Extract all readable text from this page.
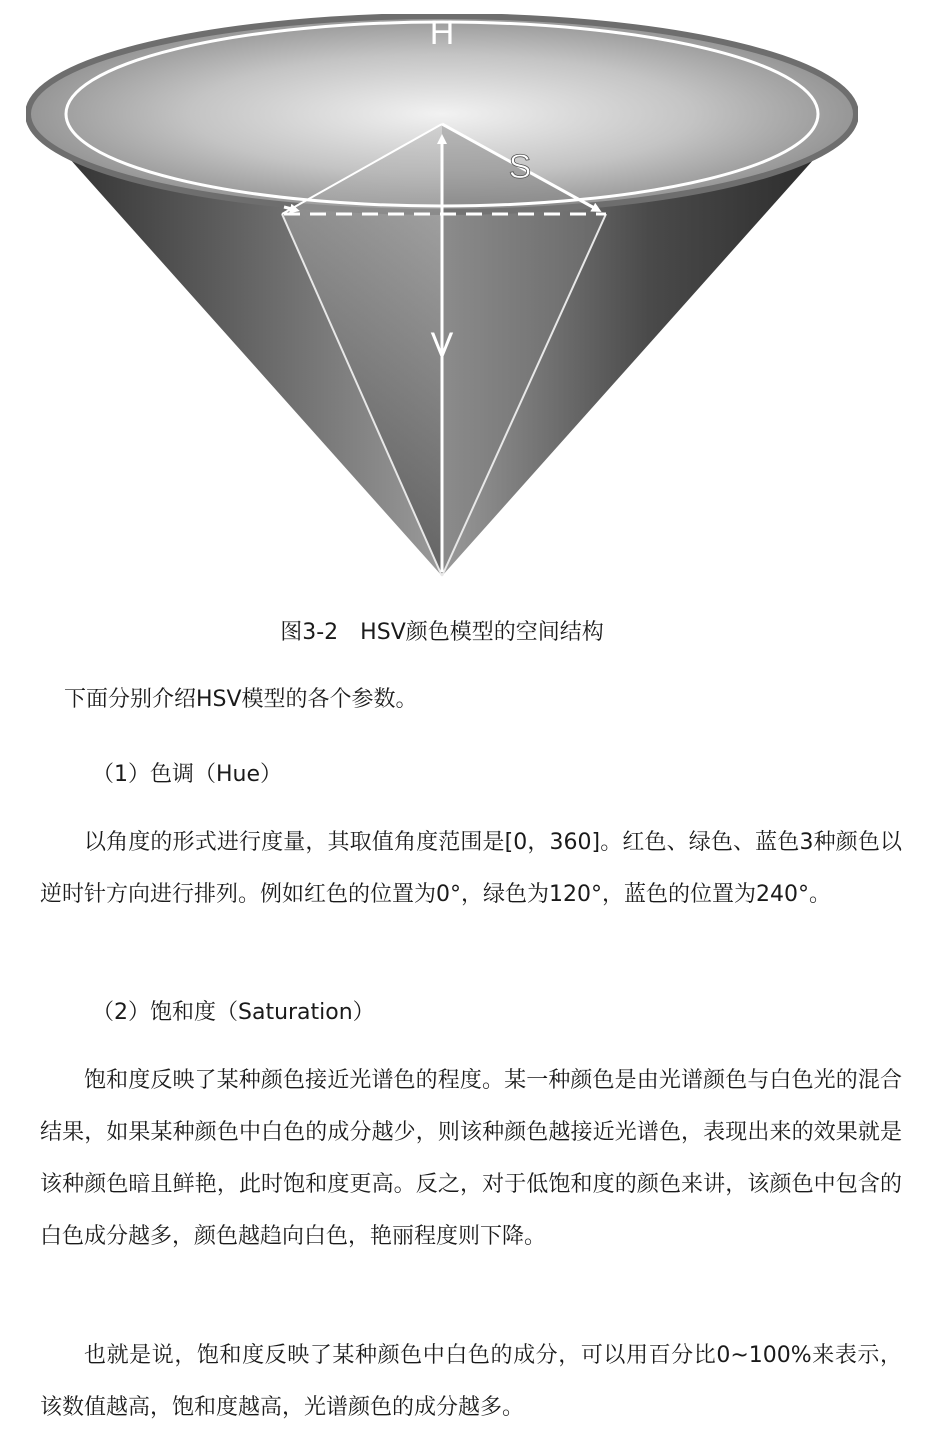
H
S
V
图3-2　HSV颜色模型的空间结构

下面分别介绍HSV模型的各个参数。

（1）色调（Hue）

以角度的形式进行度量，其取值角度范围是[0，360]。红色、绿色、蓝色3种颜色以逆时针方向进行排列。例如红色的位置为0°，绿色为120°，蓝色的位置为240°。

（2）饱和度（Saturation）

饱和度反映了某种颜色接近光谱色的程度。某一种颜色是由光谱颜色与白色光的混合结果，如果某种颜色中白色的成分越少，则该种颜色越接近光谱色，表现出来的效果就是该种颜色暗且鲜艳，此时饱和度更高。反之，对于低饱和度的颜色来讲，该颜色中包含的白色成分越多，颜色越趋向白色，艳丽程度则下降。

也就是说，饱和度反映了某种颜色中白色的成分，可以用百分比0~100%来表示，该数值越高，饱和度越高，光谱颜色的成分越多。
